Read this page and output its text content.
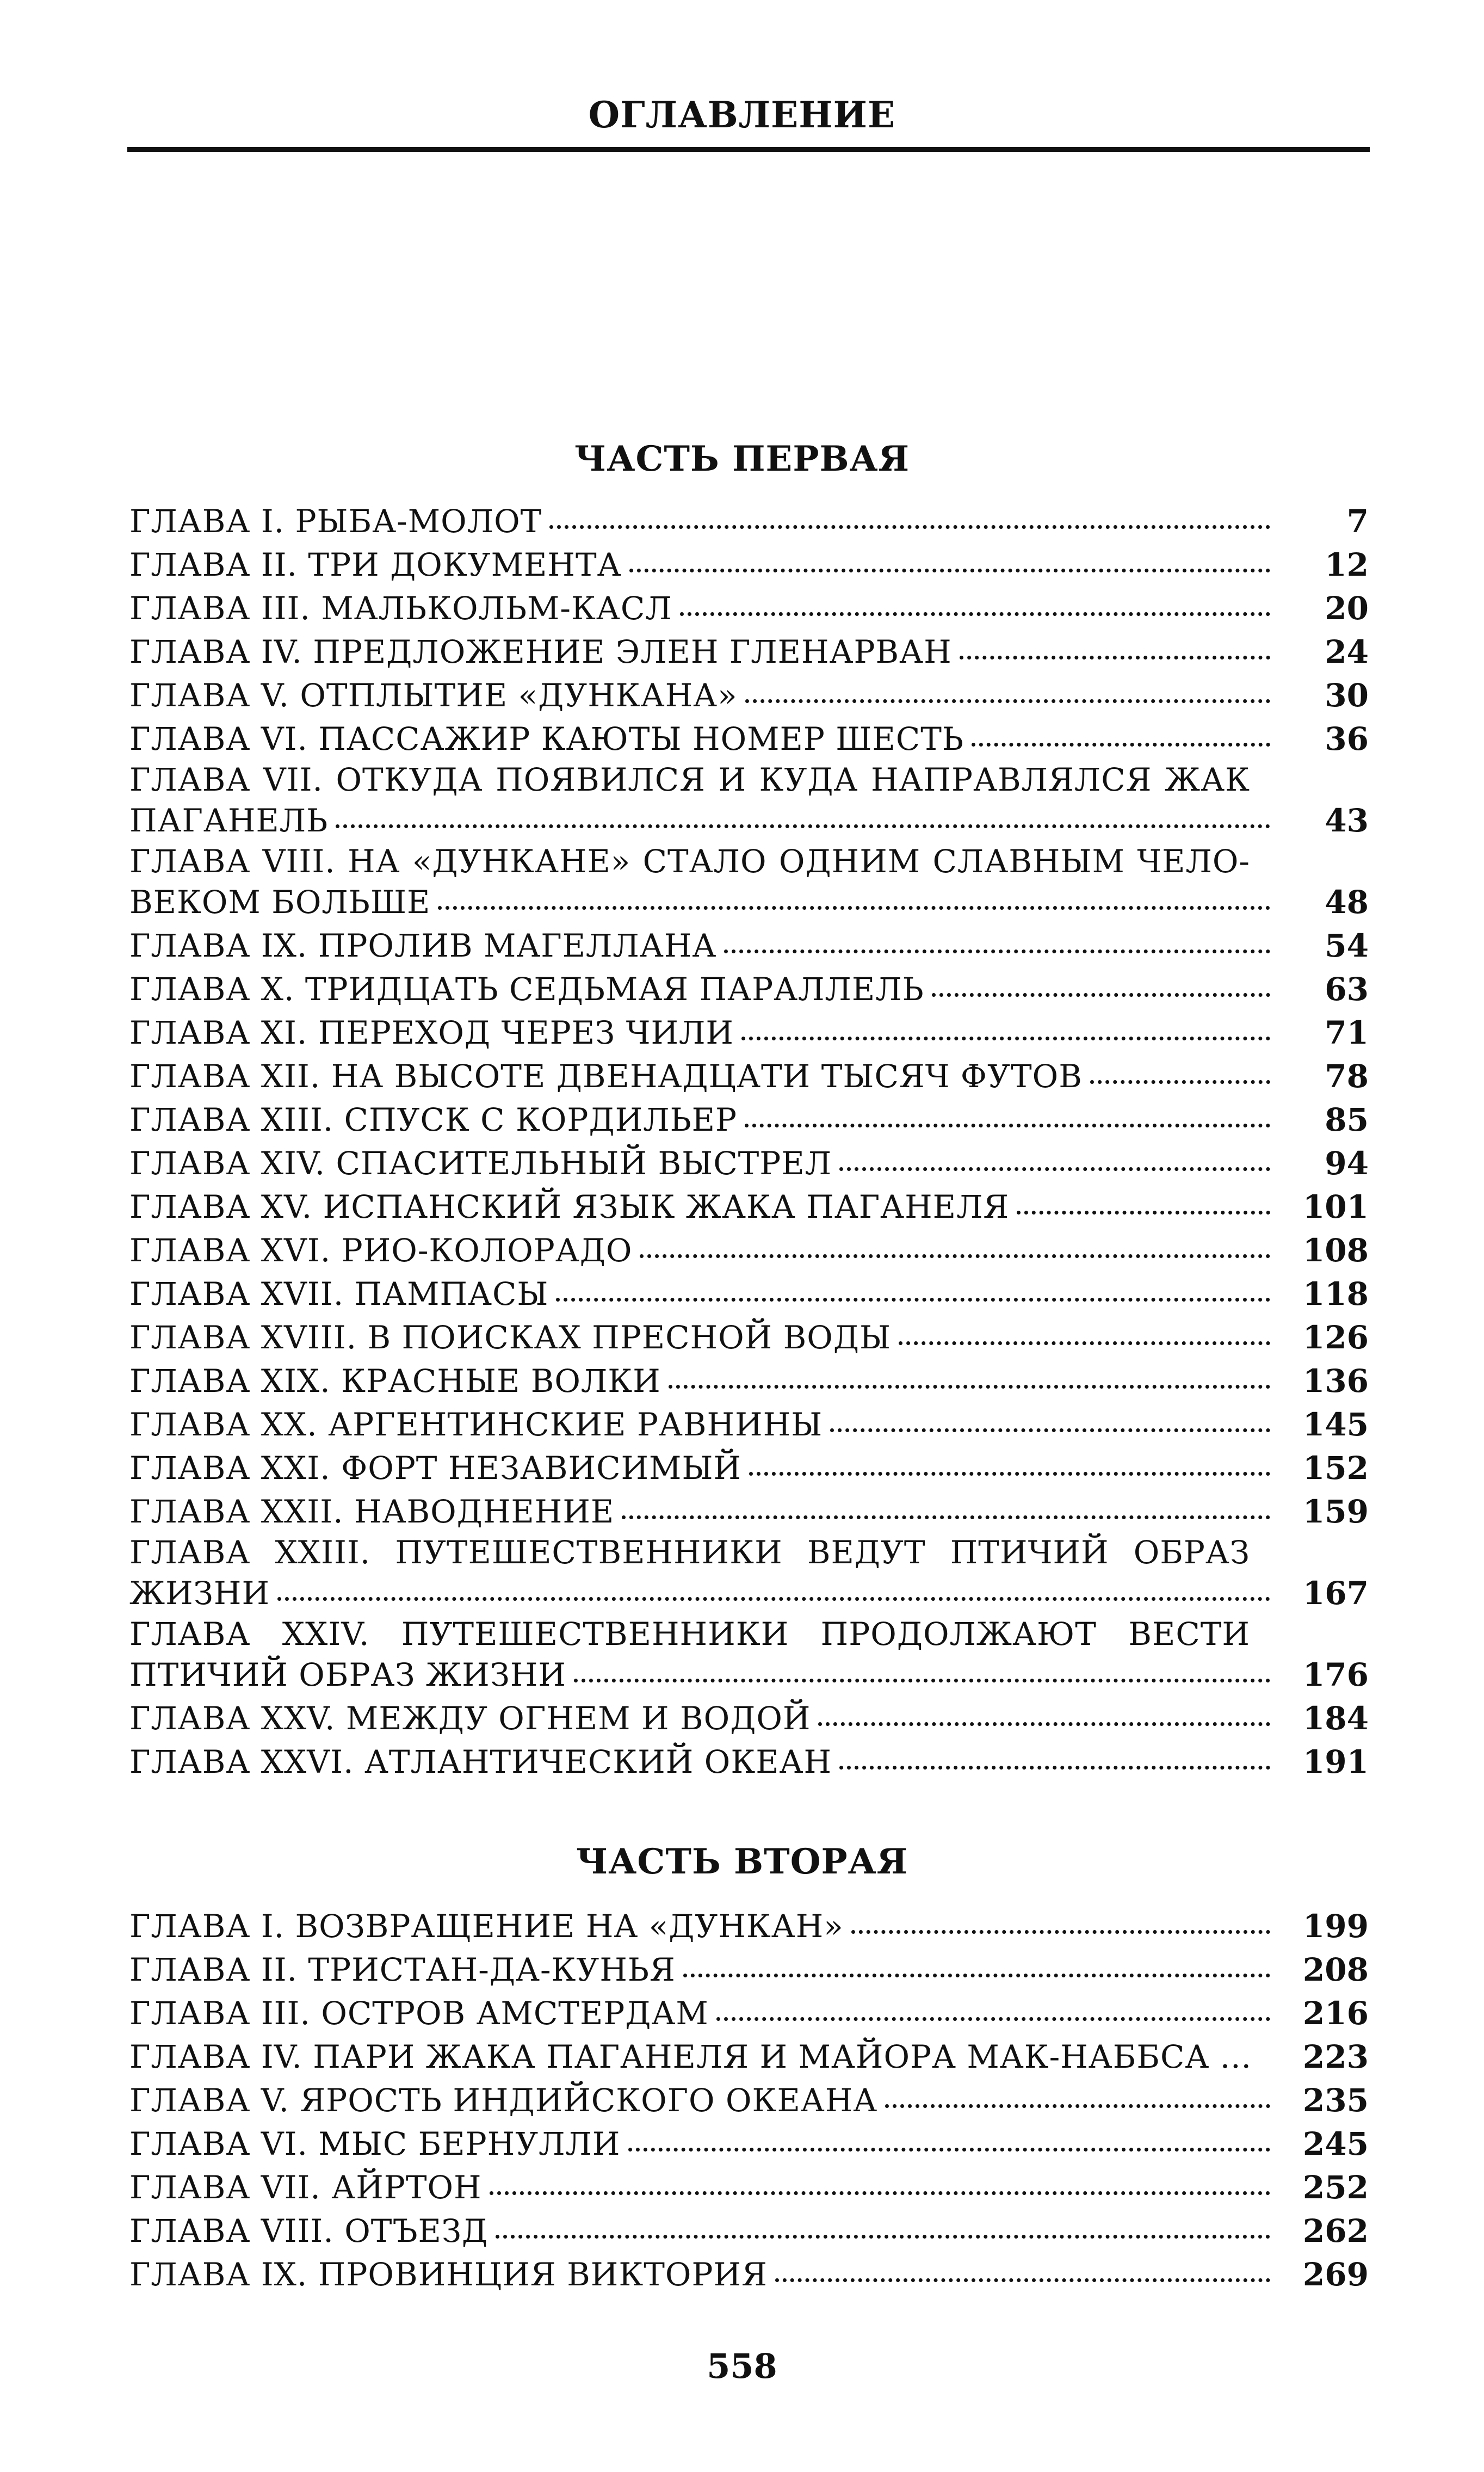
ОГЛАВЛЕНИЕ
ЧАСТЬ ПЕРВАЯ
ГЛАВА I. РЫБА-МОЛОТ	7
ГЛАВА II. ТРИ ДОКУМЕНТА	12
ГЛАВА III. МАЛЬКОЛЬМ-КАСЛ	20
ГЛАВА IV. ПРЕДЛОЖЕНИЕ ЭЛЕН ГЛЕНАРВАН	24
ГЛАВА V. ОТПЛЫТИЕ «ДУНКАНА»	30
ГЛАВА VI. ПАССАЖИР КАЮТЫ НОМЕР ШЕСТЬ	36
ГЛАВА VII. ОТКУДА ПОЯВИЛСЯ И КУДА НАПРАВЛЯЛСЯ ЖАК
ПАГАНЕЛЬ	43
ГЛАВА VIII. НА «ДУНКАНЕ» СТАЛО ОДНИМ СЛАВНЫМ ЧЕЛО-
ВЕКОМ БОЛЬШЕ	48
ГЛАВА IX. ПРОЛИВ МАГЕЛЛАНА	54
ГЛАВА X. ТРИДЦАТЬ СЕДЬМАЯ ПАРАЛЛЕЛЬ	63
ГЛАВА XI. ПЕРЕХОД ЧЕРЕЗ ЧИЛИ	71
ГЛАВА XII. НА ВЫСОТЕ ДВЕНАДЦАТИ ТЫСЯЧ ФУТОВ	78
ГЛАВА XIII. СПУСК С КОРДИЛЬЕР	85
ГЛАВА XIV. СПАСИТЕЛЬНЫЙ ВЫСТРЕЛ	94
ГЛАВА XV. ИСПАНСКИЙ ЯЗЫК ЖАКА ПАГАНЕЛЯ	101
ГЛАВА XVI. РИО-КОЛОРАДО	108
ГЛАВА XVII. ПАМПАСЫ	118
ГЛАВА XVIII. В ПОИСКАХ ПРЕСНОЙ ВОДЫ	126
ГЛАВА XIX. КРАСНЫЕ ВОЛКИ	136
ГЛАВА XX. АРГЕНТИНСКИЕ РАВНИНЫ	145
ГЛАВА XXI. ФОРТ НЕЗАВИСИМЫЙ	152
ГЛАВА XXII. НАВОДНЕНИЕ	159
ГЛАВА XXIII. ПУТЕШЕСТВЕННИКИ ВЕДУТ ПТИЧИЙ ОБРАЗ
ЖИЗНИ	167
ГЛАВА XXIV. ПУТЕШЕСТВЕННИКИ ПРОДОЛЖАЮТ ВЕСТИ
ПТИЧИЙ ОБРАЗ ЖИЗНИ	176
ГЛАВА XXV. МЕЖДУ ОГНЕМ И ВОДОЙ	184
ГЛАВА XXVI. АТЛАНТИЧЕСКИЙ ОКЕАН	191
ЧАСТЬ ВТОРАЯ
ГЛАВА I. ВОЗВРАЩЕНИЕ НА «ДУНКАН»	199
ГЛАВА II. ТРИСТАН-ДА-КУНЬЯ	208
ГЛАВА III. ОСТРОВ АМСТЕРДАМ	216
ГЛАВА IV. ПАРИ ЖАКА ПАГАНЕЛЯ И МАЙОРА МАК-НАББСА ...	223
ГЛАВА V. ЯРОСТЬ ИНДИЙСКОГО ОКЕАНА	235
ГЛАВА VI. МЫС БЕРНУЛЛИ	245
ГЛАВА VII. АЙРТОН	252
ГЛАВА VIII. ОТЪЕЗД	262
ГЛАВА IX. ПРОВИНЦИЯ ВИКТОРИЯ	269
558
